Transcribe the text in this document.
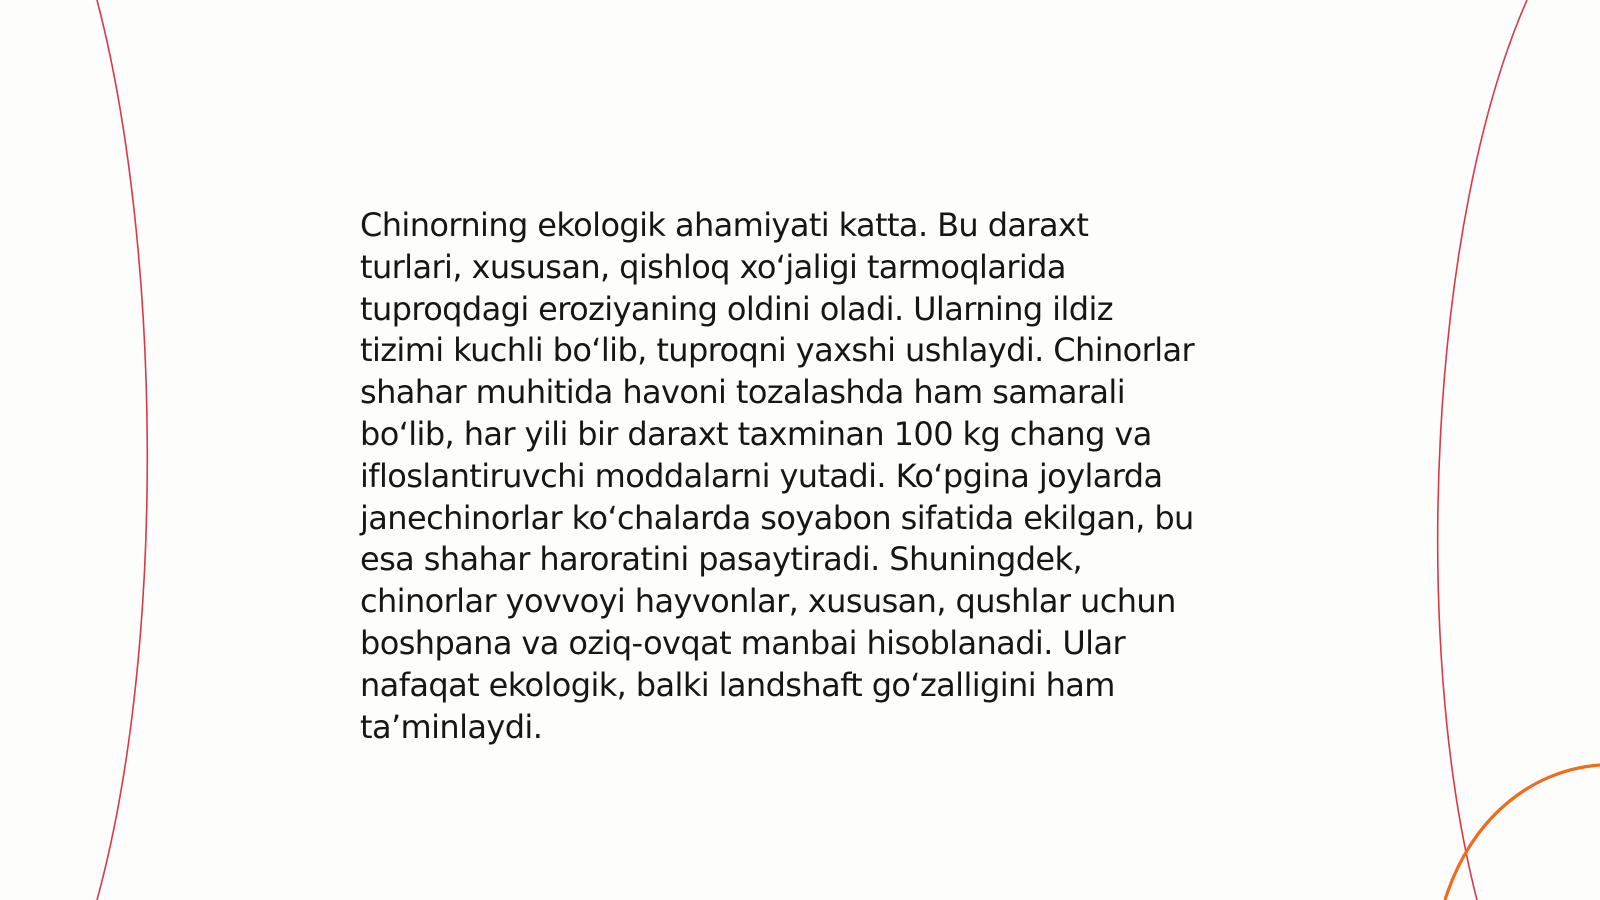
Chinorning ekologik ahamiyati katta. Bu daraxt
turlari, xususan, qishloq xo‘jaligi tarmoqlarida
tuproqdagi eroziyaning oldini oladi. Ularning ildiz
tizimi kuchli bo‘lib, tuproqni yaxshi ushlaydi. Chinorlar
shahar muhitida havoni tozalashda ham samarali
bo‘lib, har yili bir daraxt taxminan 100 kg chang va
ifloslantiruvchi moddalarni yutadi. Ko‘pgina joylarda
janechinorlar ko‘chalarda soyabon sifatida ekilgan, bu
esa shahar haroratini pasaytiradi. Shuningdek,
chinorlar yovvoyi hayvonlar, xususan, qushlar uchun
boshpana va oziq-ovqat manbai hisoblanadi. Ular
nafaqat ekologik, balki landshaft go‘zalligini ham
ta’minlaydi.
